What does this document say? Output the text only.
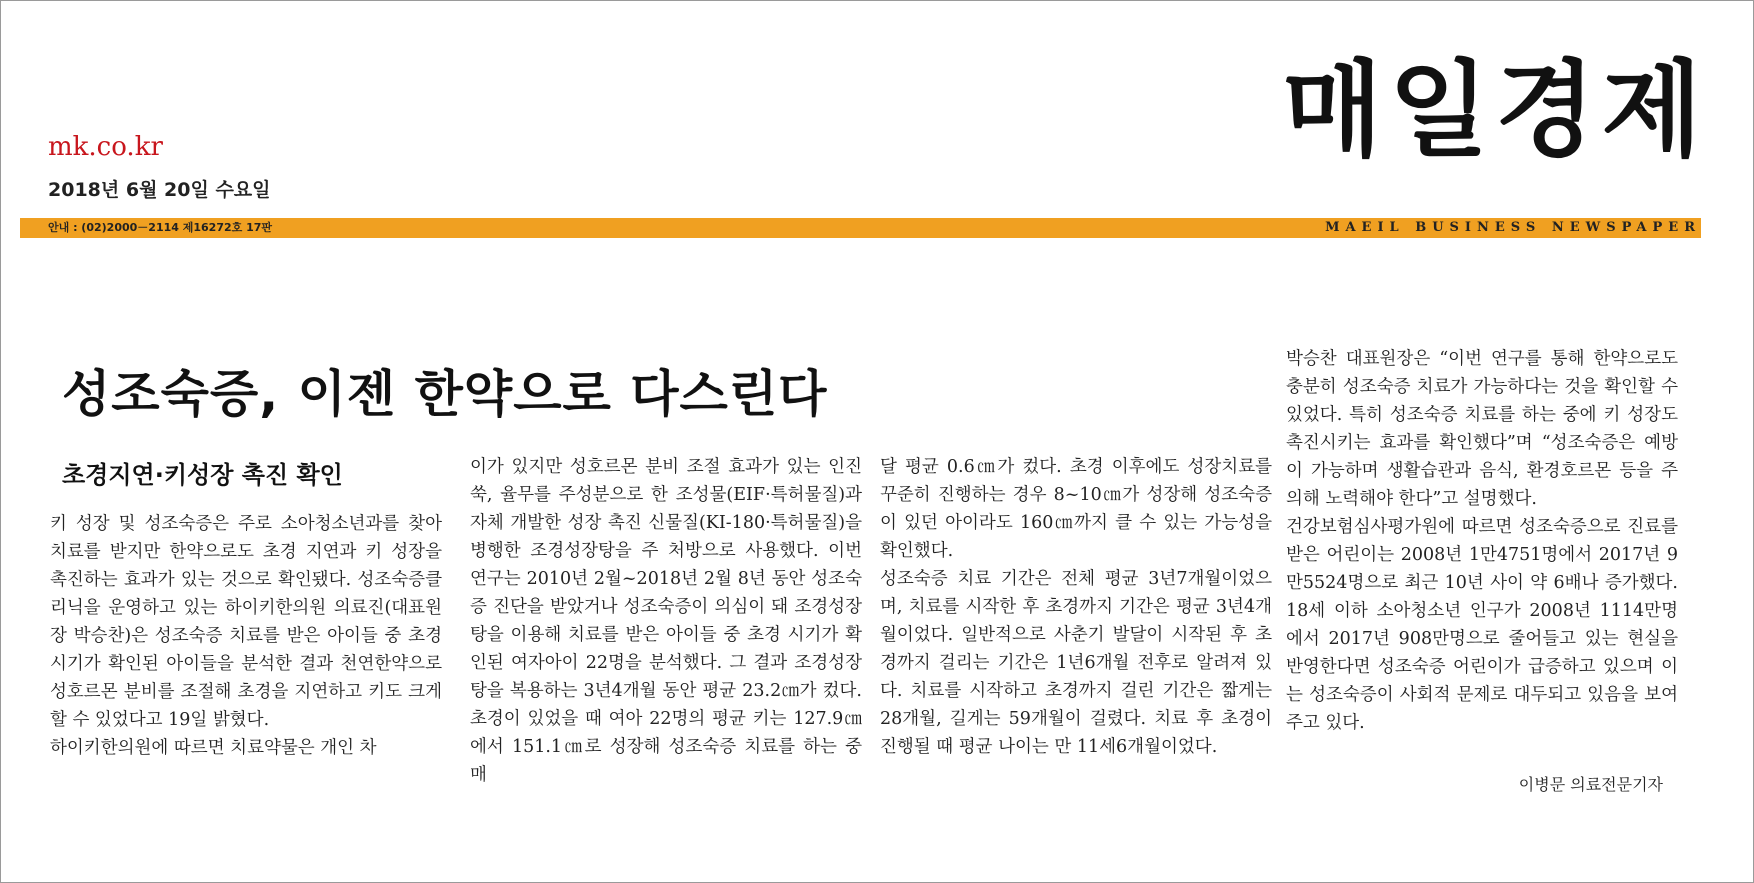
mk.co.kr
2018년 6월 20일 수요일
매일경제
안내 : (02)2000－2114 제16272호 17판	MAEIL BUSINESS NEWSPAPER
성조숙증, 이젠 한약으로 다스린다
초경지연·키성장 촉진 확인
키 성장 및 성조숙증은 주로 소아청소년과를 찾아 치료를 받지만 한약으로도 초경 지연과 키 성장을 촉진하는 효과가 있는 것으로 확인됐다. 성조숙증클리닉을 운영하고 있는 하이키한의원 의료진(대표원장 박승찬)은 성조숙증 치료를 받은 아이들 중 초경 시기가 확인된 아이들을 분석한 결과 천연한약으로 성호르몬 분비를 조절해 초경을 지연하고 키도 크게 할 수 있었다고 19일 밝혔다.
하이키한의원에 따르면 치료약물은 개인 차
이가 있지만 성호르몬 분비 조절 효과가 있는 인진쑥, 율무를 주성분으로 한 조성물(EIF·특허물질)과 자체 개발한 성장 촉진 신물질(KI-180·특허물질)을 병행한 조경성장탕을 주 처방으로 사용했다. 이번 연구는 2010년 2월~2018년 2월 8년 동안 성조숙증 진단을 받았거나 성조숙증이 의심이 돼 조경성장탕을 이용해 치료를 받은 아이들 중 초경 시기가 확인된 여자아이 22명을 분석했다. 그 결과 조경성장탕을 복용하는 3년4개월 동안 평균 23.2㎝가 컸다. 초경이 있었을 때 여아 22명의 평균 키는 127.9㎝에서 151.1㎝로 성장해 성조숙증 치료를 하는 중 매
달 평균 0.6㎝가 컸다. 초경 이후에도 성장치료를 꾸준히 진행하는 경우 8~10㎝가 성장해 성조숙증이 있던 아이라도 160㎝까지 클 수 있는 가능성을 확인했다.
성조숙증 치료 기간은 전체 평균 3년7개월이었으며, 치료를 시작한 후 초경까지 기간은 평균 3년4개월이었다. 일반적으로 사춘기 발달이 시작된 후 초경까지 걸리는 기간은 1년6개월 전후로 알려져 있다. 치료를 시작하고 초경까지 걸린 기간은 짧게는 28개월, 길게는 59개월이 걸렸다. 치료 후 초경이 진행될 때 평균 나이는 만 11세6개월이었다.
박승찬 대표원장은 “이번 연구를 통해 한약으로도 충분히 성조숙증 치료가 가능하다는 것을 확인할 수 있었다. 특히 성조숙증 치료를 하는 중에 키 성장도 촉진시키는 효과를 확인했다”며 “성조숙증은 예방이 가능하며 생활습관과 음식, 환경호르몬 등을 주의해 노력해야 한다”고 설명했다.
건강보험심사평가원에 따르면 성조숙증으로 진료를 받은 어린이는 2008년 1만4751명에서 2017년 9만5524명으로 최근 10년 사이 약 6배나 증가했다. 18세 이하 소아청소년 인구가 2008년 1114만명에서 2017년 908만명으로 줄어들고 있는 현실을 반영한다면 성조숙증 어린이가 급증하고 있으며 이는 성조숙증이 사회적 문제로 대두되고 있음을 보여주고 있다.
이병문 의료전문기자
